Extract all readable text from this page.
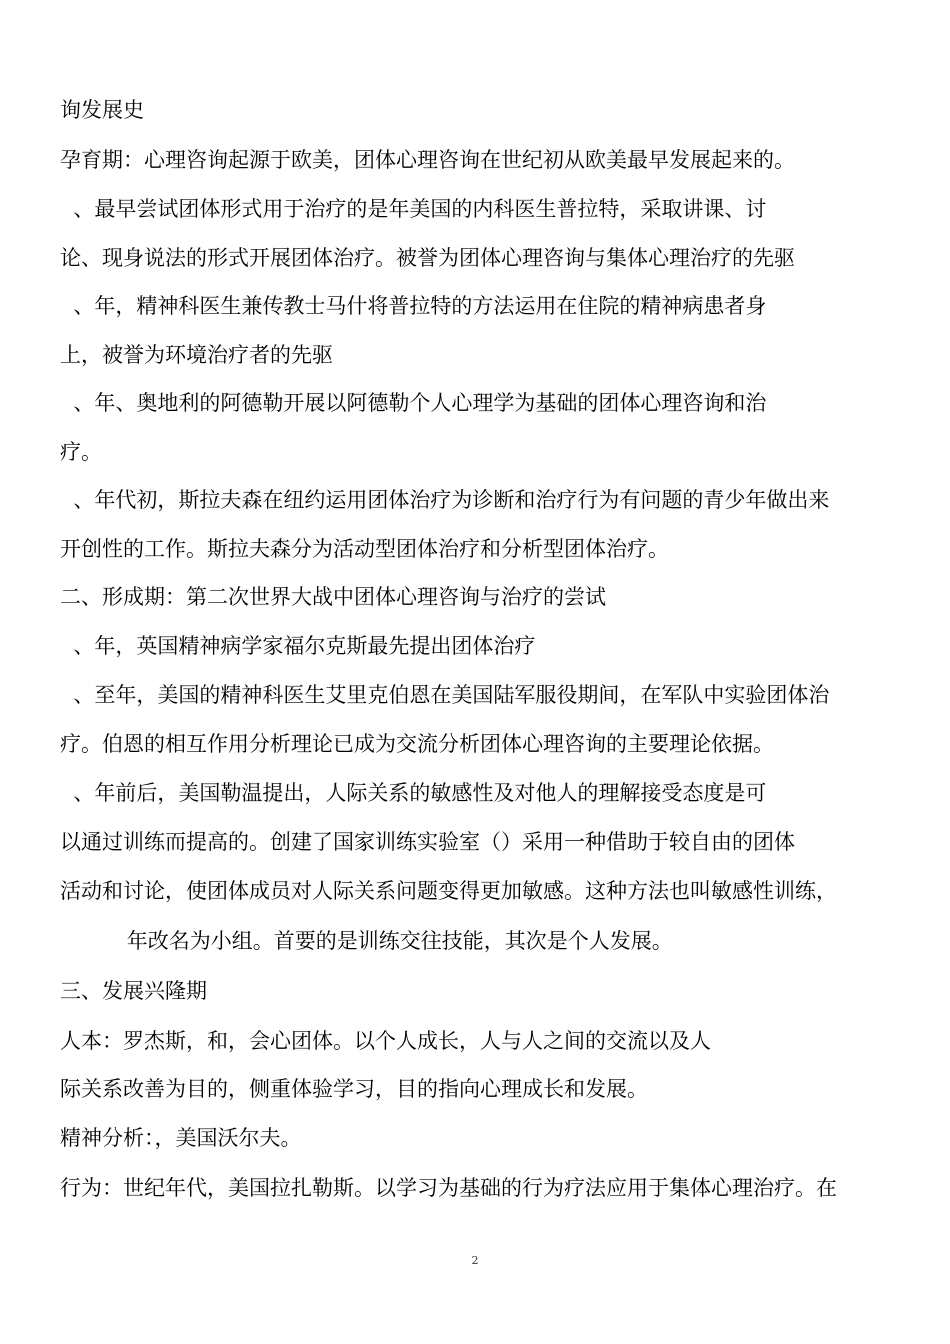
询发展史
孕育期：心理咨询起源于欧美，团体心理咨询在世纪初从欧美最早发展起来的。
、最早尝试团体形式用于治疗的是年美国的内科医生普拉特，采取讲课、讨
论、现身说法的形式开展团体治疗。被誉为团体心理咨询与集体心理治疗的先驱
、年，精神科医生兼传教士马什将普拉特的方法运用在住院的精神病患者身
上，被誉为环境治疗者的先驱
、年、奥地利的阿德勒开展以阿德勒个人心理学为基础的团体心理咨询和治
疗。
、年代初，斯拉夫森在纽约运用团体治疗为诊断和治疗行为有问题的青少年做出来
开创性的工作。斯拉夫森分为活动型团体治疗和分析型团体治疗。
二、形成期：第二次世界大战中团体心理咨询与治疗的尝试
、年，英国精神病学家福尔克斯最先提出团体治疗
、至年，美国的精神科医生艾里克伯恩在美国陆军服役期间，在军队中实验团体治
疗。伯恩的相互作用分析理论已成为交流分析团体心理咨询的主要理论依据。
、年前后，美国勒温提出，人际关系的敏感性及对他人的理解接受态度是可
以通过训练而提高的。创建了国家训练实验室（）采用一种借助于较自由的团体
活动和讨论，使团体成员对人际关系问题变得更加敏感。这种方法也叫敏感性训练，
年改名为小组。首要的是训练交往技能，其次是个人发展。
三、发展兴隆期
人本：罗杰斯，和，会心团体。以个人成长，人与人之间的交流以及人
际关系改善为目的，侧重体验学习，目的指向心理成长和发展。
精神分析：，美国沃尔夫。
行为：世纪年代，美国拉扎勒斯。以学习为基础的行为疗法应用于集体心理治疗。在
2
